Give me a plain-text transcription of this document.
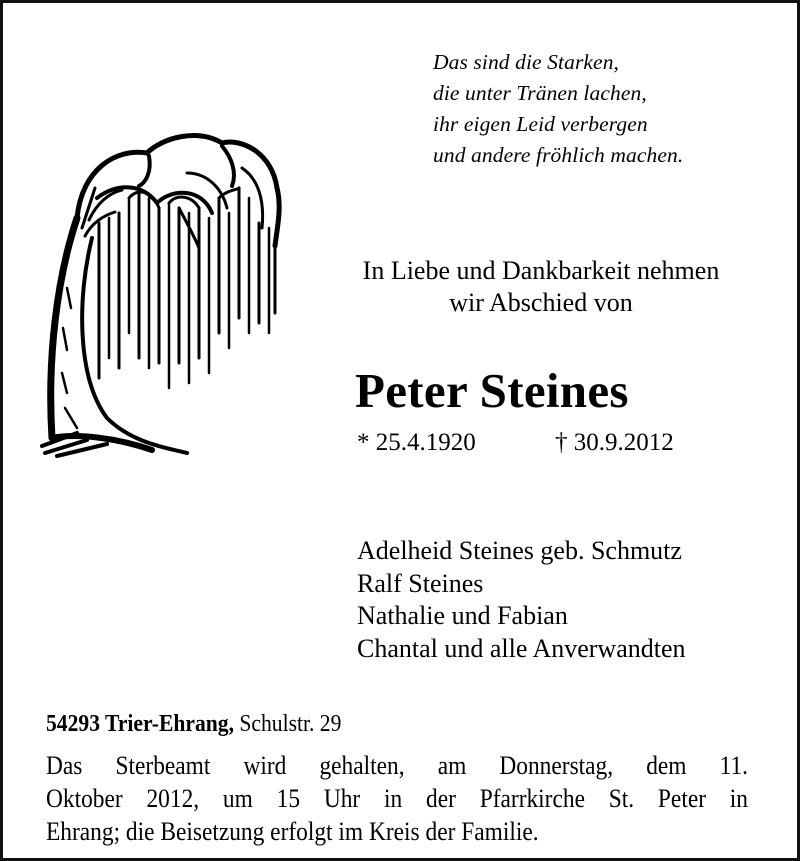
Das sind die Starken,
die unter Tränen lachen,
ihr eigen Leid verbergen
und andere fröhlich machen.
In Liebe und Dankbarkeit nehmen
wir Abschied von
Peter Steines
* 25.4.1920	† 30.9.2012
Adelheid Steines geb. Schmutz
Ralf Steines
Nathalie und Fabian
Chantal und alle Anverwandten
54293 Trier-Ehrang, Schulstr. 29
Das Sterbeamt wird gehalten, am Donnerstag, dem 11.
Oktober 2012, um 15 Uhr in der Pfarrkirche St. Peter in
Ehrang; die Beisetzung erfolgt im Kreis der Familie.
